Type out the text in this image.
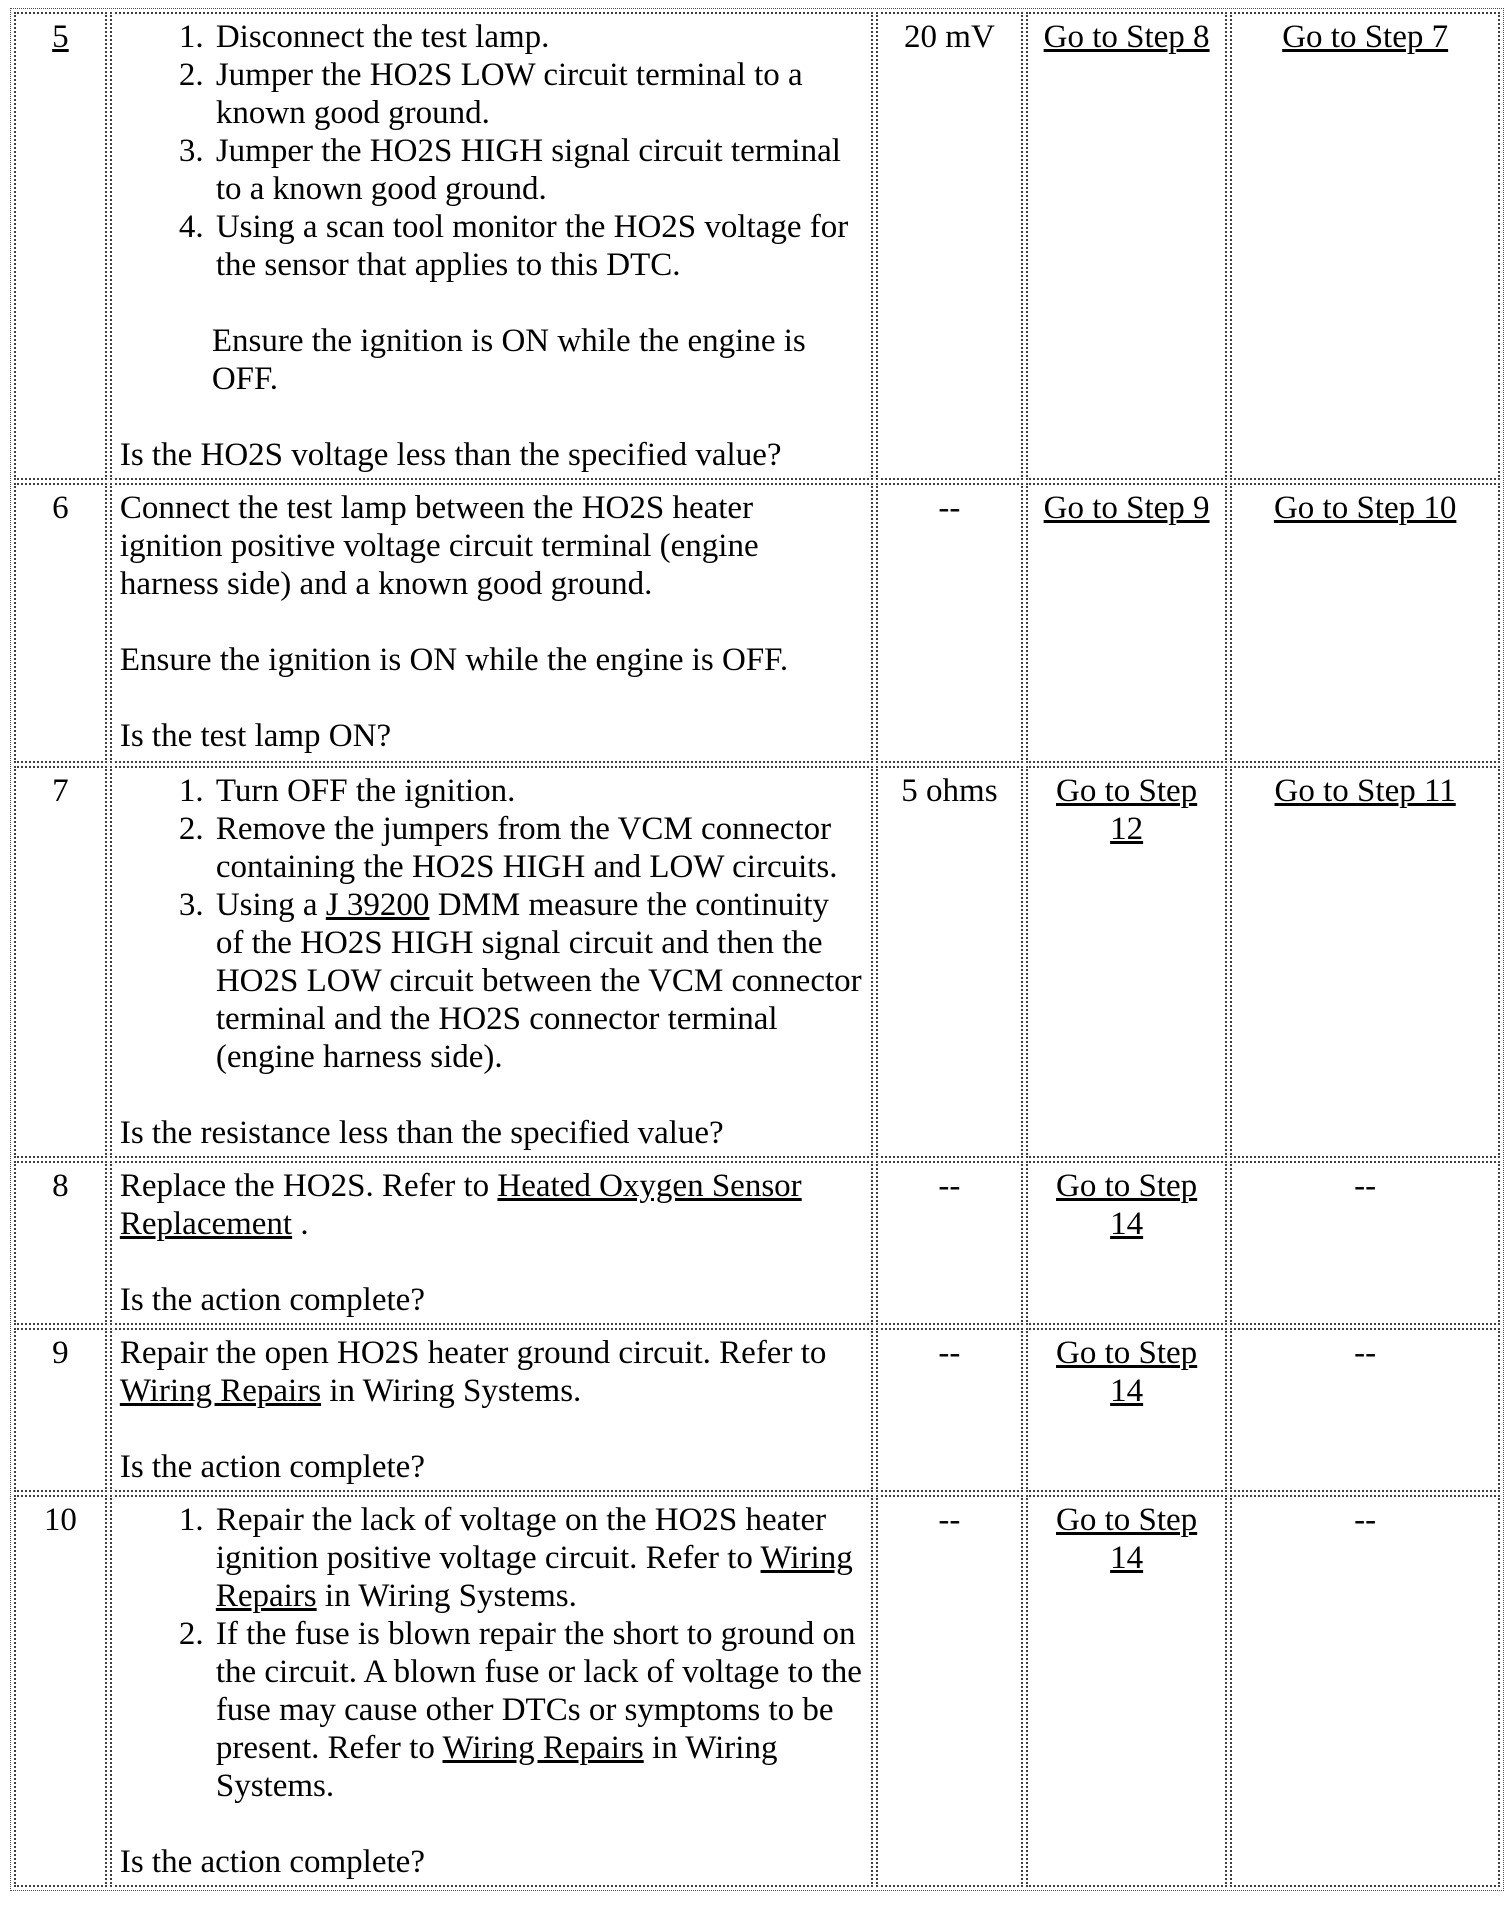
5	
1.Disconnect the test lamp.
2. Jumper the HO2S LOW circuit terminal to a known good ground.
3. Jumper the HO2S HIGH signal circuit terminal to a known good ground.
4. Using a scan tool monitor the HO2S voltage for the sensor that applies to this DTC.

Ensure the ignition is ON while the engine is OFF.

Is the HO2S voltage less than the specified value?

	20 mV	Go to Step 8	Go to Step 7
6	Connect the test lamp between the HO2S heater ignition positive voltage circuit terminal (engine harness side) and a known good ground.

Ensure the ignition is ON while the engine is OFF.

Is the test lamp ON?	--	Go to Step 9	Go to Step 10
7	
1.Turn OFF the ignition.
2. Remove the jumpers from the VCM connector containing the HO2S HIGH and LOW circuits.
3. Using a J 39200 DMM measure the continuity of the HO2S HIGH signal circuit and then the HO2S LOW circuit between the VCM connector terminal and the HO2S connector terminal (engine harness side).

Is the resistance less than the specified value?

	5 ohms	Go to Step 12	Go to Step 11
8	Replace the HO2S. Refer to Heated Oxygen Sensor Replacement .

Is the action complete?	--	Go to Step 14	--
9	Repair the open HO2S heater ground circuit. Refer to Wiring Repairs in Wiring Systems.

Is the action complete?	--	Go to Step 14	--
10	
1.Repair the lack of voltage on the HO2S heater ignition positive voltage circuit. Refer to Wiring Repairs in Wiring Systems.
2. If the fuse is blown repair the short to ground on the circuit. A blown fuse or lack of voltage to the fuse may cause other DTCs or symptoms to be present. Refer to Wiring Repairs in Wiring Systems.

Is the action complete?

	--	Go to Step 14	--
